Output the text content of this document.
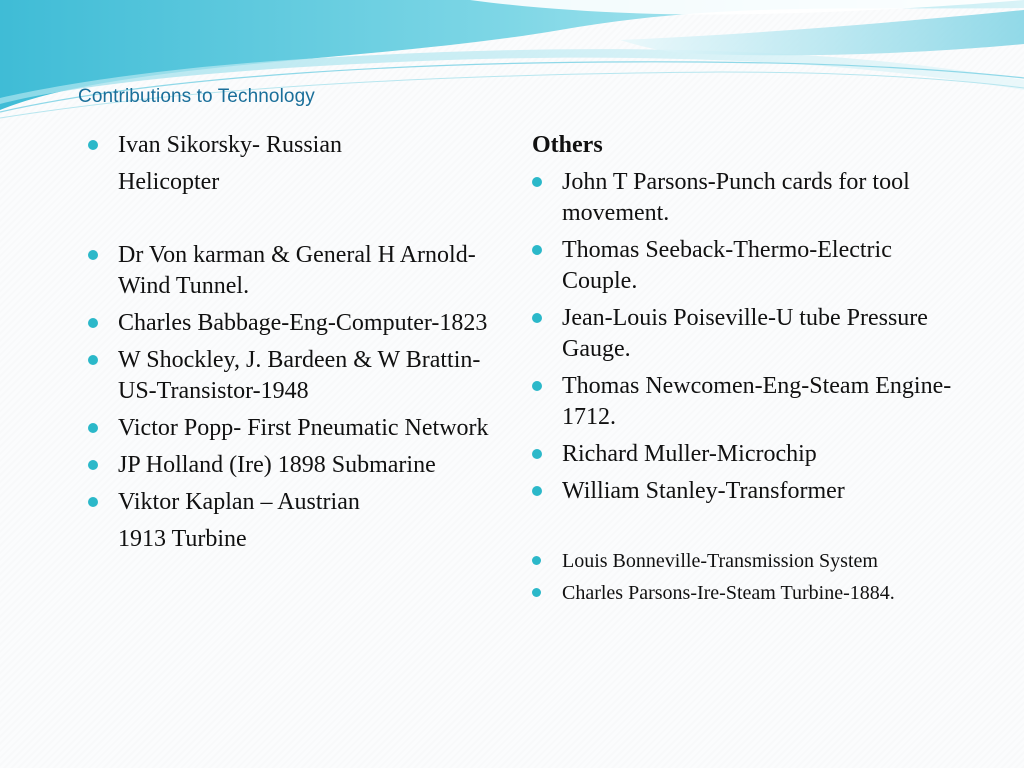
Contributions to Technology
Ivan Sikorsky- Russian
Helicopter
Dr Von karman & General H Arnold-Wind Tunnel.
Charles Babbage-Eng-Computer-1823
W Shockley, J. Bardeen & W Brattin-US-Transistor-1948
Victor Popp- First Pneumatic Network
JP Holland (Ire) 1898 Submarine
Viktor Kaplan – Austrian
1913 Turbine
Others
John T Parsons-Punch cards for tool movement.
Thomas Seeback-Thermo-Electric Couple.
Jean-Louis Poiseville-U tube Pressure Gauge.
Thomas Newcomen-Eng-Steam Engine-1712.
Richard Muller-Microchip
William Stanley-Transformer
Louis Bonneville-Transmission System
Charles Parsons-Ire-Steam Turbine-1884.
